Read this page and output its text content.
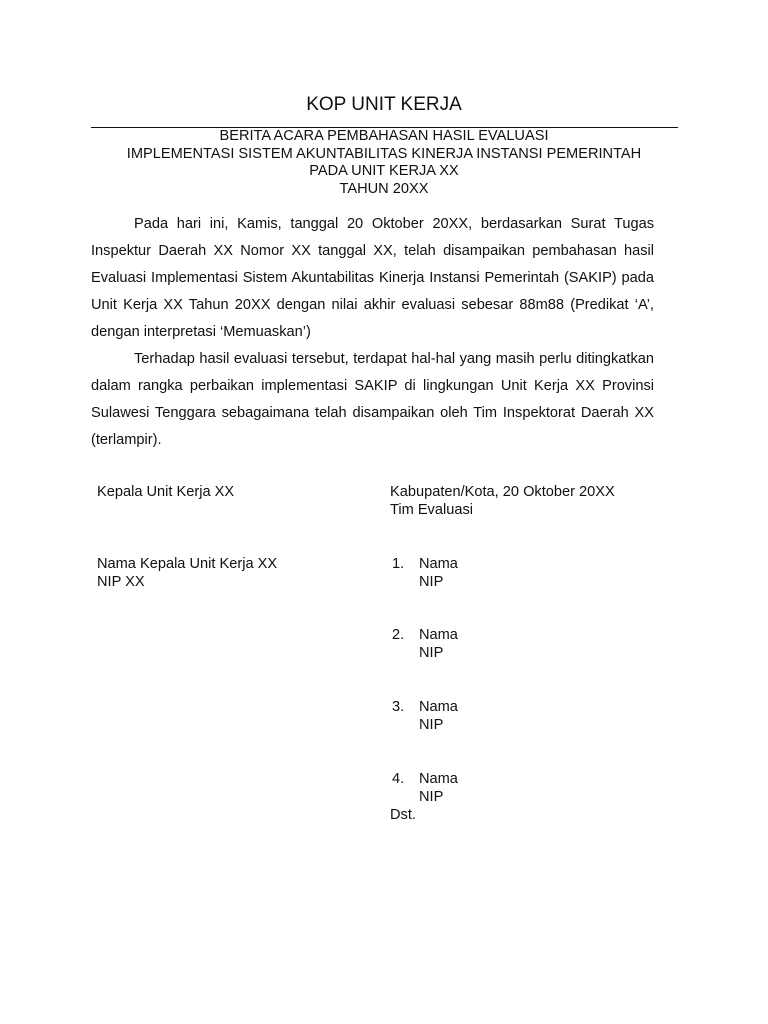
KOP UNIT KERJA
BERITA ACARA PEMBAHASAN HASIL EVALUASI
IMPLEMENTASI SISTEM AKUNTABILITAS KINERJA INSTANSI PEMERINTAH
PADA UNIT KERJA XX
TAHUN 20XX

Pada hari ini, Kamis, tanggal 20 Oktober 20XX, berdasarkan Surat Tugas Inspektur Daerah XX Nomor XX tanggal XX, telah disampaikan pembahasan hasil Evaluasi Implementasi Sistem Akuntabilitas Kinerja Instansi Pemerintah (SAKIP) pada Unit Kerja XX Tahun 20XX dengan nilai akhir evaluasi sebesar 88m88 (Predikat ‘A’, dengan interpretasi ‘Memuaskan’)

Terhadap hasil evaluasi tersebut, terdapat hal-hal yang masih perlu ditingkatkan dalam rangka perbaikan implementasi SAKIP di lingkungan Unit Kerja XX Provinsi Sulawesi Tenggara sebagaimana telah disampaikan oleh Tim Inspektorat Daerah XX (terlampir).

Kepala Unit Kerja XX
Nama Kepala Unit Kerja XX
NIP XX
Kabupaten/Kota, 20 Oktober 20XX
Tim Evaluasi
1. Nama
NIP
2. Nama
NIP
3. Nama
NIP
4. Nama
NIP
Dst.
